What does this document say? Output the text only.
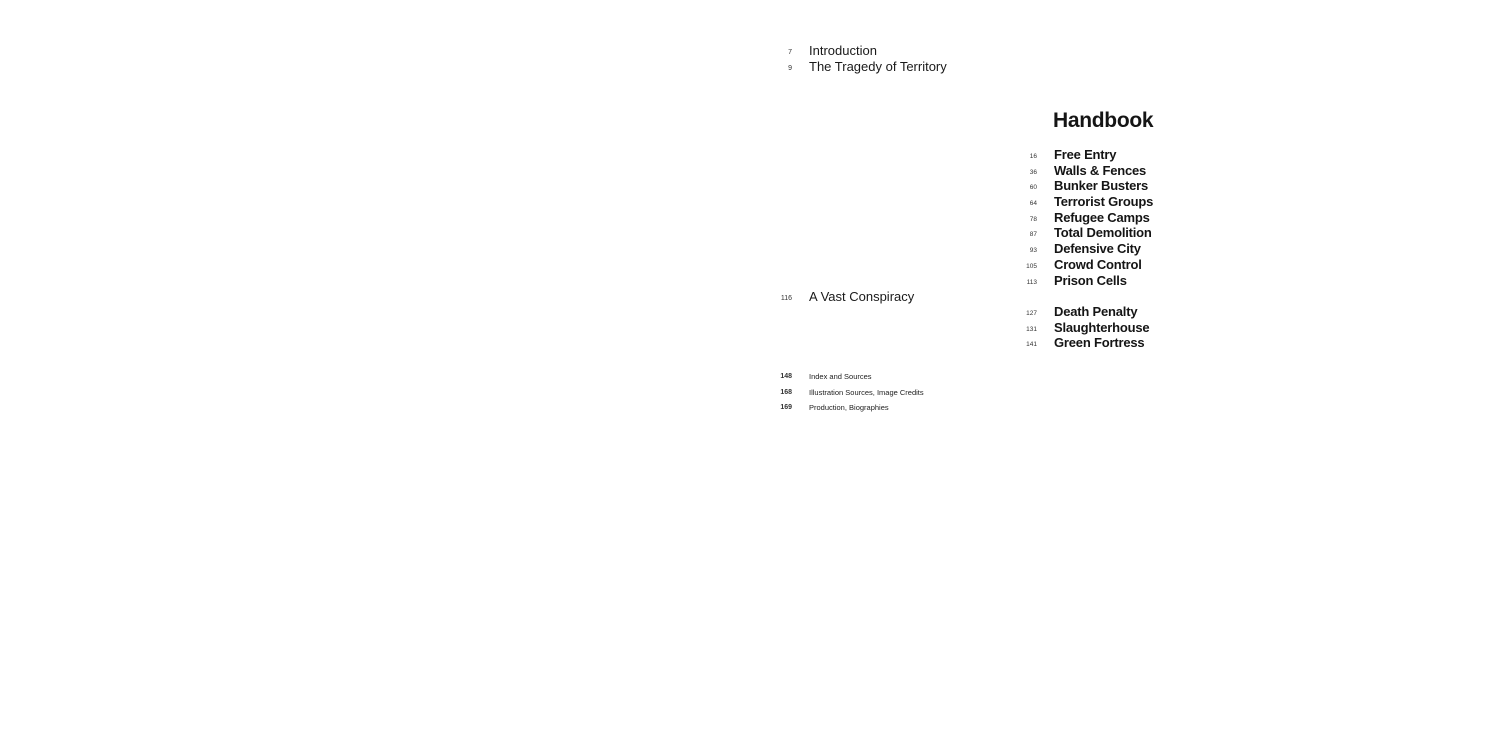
7 Introduction
9 The Tragedy of Territory
116 A Vast Conspiracy
148 Index and Sources
168 Illustration Sources, Image Credits
169 Production, Biographies
Handbook
16 Free Entry
36 Walls & Fences
60 Bunker Busters
64 Terrorist Groups
78 Refugee Camps
87 Total Demolition
93 Defensive City
105 Crowd Control
113 Prison Cells
127 Death Penalty
131 Slaughterhouse
141 Green Fortress
